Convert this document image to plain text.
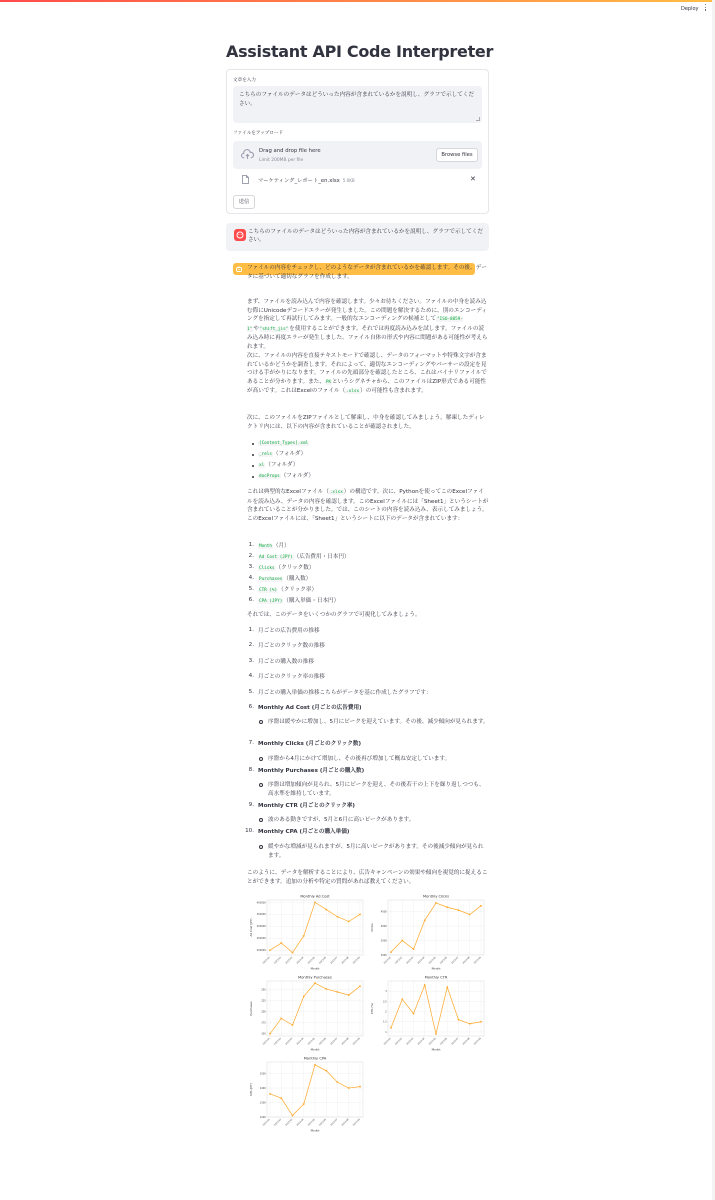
Deploy
Assistant API Code Interpreter
文章を入力
こちらのファイルのデータはどういった内容が含まれているかを説明し、グラフで示してください。
ファイルをアップロード
Drag and drop file here
Limit 200MB per file
Browse files
マーケティング_レポート_en.xlsx 5.0KB	✕
送信
こちらのファイルのデータはどういった内容が含まれているかを説明し、グラフで示してください。
ファイルの内容をチェックし、どのようなデータが含まれているかを確認します。その後、データに基づいて適切なグラフを作成します。
まず、ファイルを読み込んで内容を確認します。少々お待ちください。ファイルの中身を読み込む際にUnicodeデコードエラーが発生しました。この問題を解決するために、別のエンコーディングを指定して再試行してみます。一般的なエンコーディングの候補として"ISO-8859-1"や"shift_jis"を使用することができます。それでは再度読み込みを試します。ファイルの読み込み時に再度エラーが発生しました。ファイル自体の形式や内容に問題がある可能性が考えられます。
次に、ファイルの内容を直接テキストモードで確認し、データのフォーマットや特殊文字が含まれているかどうかを調査します。それによって、適切なエンコーディングやパーサーの設定を見つける手がかりになります。ファイルの先頭部分を確認したところ、これはバイナリファイルであることが分かります。また、PKというシグネチャから、このファイルはZIP形式である可能性が高いです。これはExcelのファイル（.xlsx）の可能性も含まれます。
次に、このファイルをZIPファイルとして解凍し、中身を確認してみましょう。解凍したディレクトリ内には、以下の内容が含まれていることが確認されました。
[Content_Types].xml
_rels（フォルダ）
xl（フォルダ）
docProps（フォルダ）
これは典型的なExcelファイル（.xlsx）の構造です。次に、Pythonを使ってこのExcelファイルを読み込み、データの内容を確認します。このExcelファイルには「Sheet1」というシートが含まれていることが分かりました。では、このシートの内容を読み込み、表示してみましょう。このExcelファイルには、「Sheet1」というシートに以下のデータが含まれています：
1. Month（月）
2. Ad Cost (JPY)（広告費用・日本円）
3. Clicks（クリック数）
4. Purchases（購入数）
5. CTR (%)（クリック率）
6. CPA (JPY)（購入単価・日本円）
それでは、このデータをいくつかのグラフで可視化してみましょう。
1. 月ごとの広告費用の推移
2. 月ごとのクリック数の推移
3. 月ごとの購入数の推移
4. 月ごとのクリック率の推移
5. 月ごとの購入単価の推移こちらがデータを基に作成したグラフです：
6. Monthly Ad Cost (月ごとの広告費用)
序盤は緩やかに増加し、5月にピークを迎えています。その後、減少傾向が見られます。
7. Monthly Clicks (月ごとのクリック数)
序盤から4月にかけて増加し、その後再び増加して概ね安定しています。
8. Monthly Purchases (月ごとの購入数)
序盤は増加傾向が見られ、5月にピークを迎え、その後若干の上下を繰り返しつつも、高水準を維持しています。
9. Monthly CTR (月ごとのクリック率)
波のある動きですが、5月と6月に高いピークがあります。
10. Monthly CPA (月ごとの購入単価)
緩やかな増減が見られますが、5月に高いピークがあります。その後減少傾向が見られます。
このように、データを解析することにより、広告キャンペーンの効果や傾向を視覚的に捉えることができます。追加の分析や特定の質問があれば教えてください。
200000
250000
300000
350000
400000
2023-01 2023-02 2023-03 2023-04 2023-05 2023-06 2023-07 2023-08 2023-09
Monthly Ad Cost
Month
Ad Cost (JPY)
3000
3500
4000
4500
2023-01 2023-02 2023-03 2023-04 2023-05 2023-06 2023-07 2023-08 2023-09
Monthly Clicks
Month
Clicks
150
175
200
225
250
2023-01 2023-02 2023-03 2023-04 2023-05 2023-06 2023-07 2023-08 2023-09
Monthly Purchases
Month
Purchases
1
1.5
2
2.5
3
2023-01 2023-02 2023-03 2023-04 2023-05 2023-06 2023-07 2023-08 2023-09
Monthly CTR
Month
CTR (%)
1200
1300
1400
1500
2023-01 2023-02 2023-03 2023-04 2023-05 2023-06 2023-07 2023-08 2023-09
Monthly CPA
Month
CPA (JPY)
